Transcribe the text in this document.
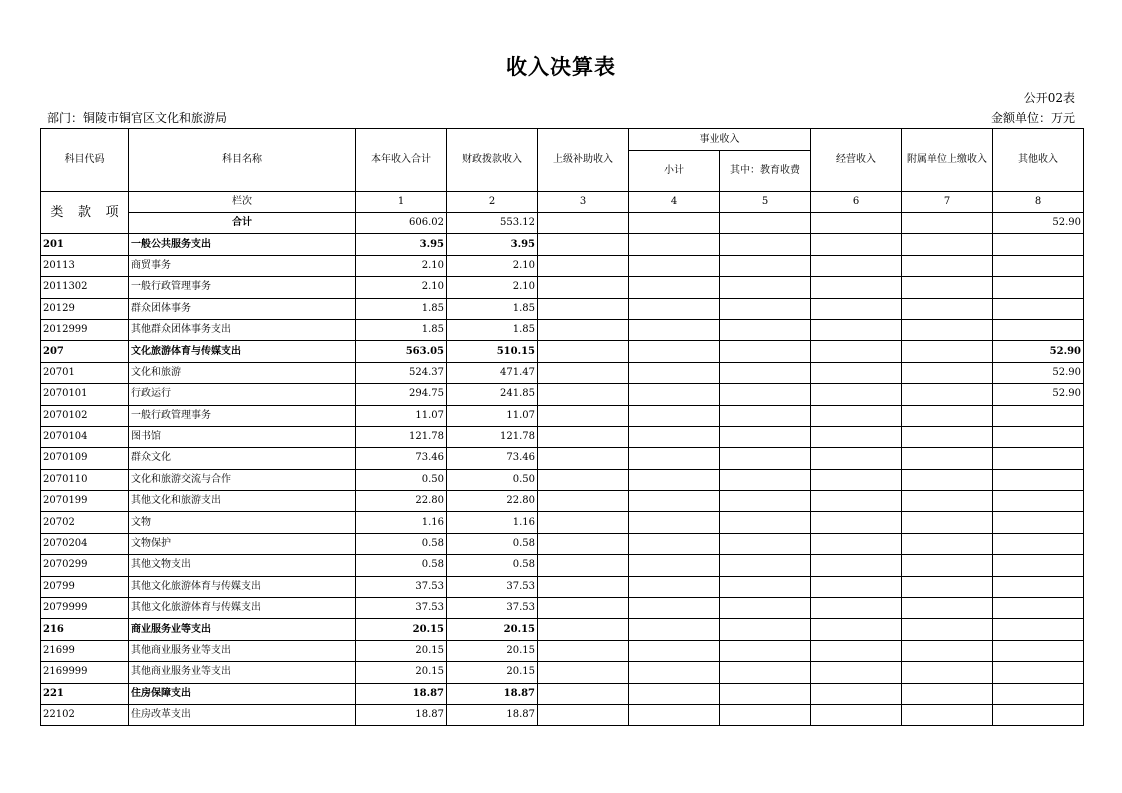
收入决算表
公开02表
部门：铜陵市铜官区文化和旅游局	金额单位：万元
科目代码	科目名称	本年收入合计	财政拨款收入	上级补助收入	事业收入		经营收入	附属单位上缴收入	其他收入
					小计	其中：教育收费			

类 款 项	栏次	1	2	3	4	5	6	7	8
	合计	606.02	553.12						52.90
201	一般公共服务支出	3.95	3.95						
20113	商贸事务	2.10	2.10						
2011302	一般行政管理事务	2.10	2.10						
20129	群众团体事务	1.85	1.85						
2012999	其他群众团体事务支出	1.85	1.85						
207	文化旅游体育与传媒支出	563.05	510.15						52.90
20701	文化和旅游	524.37	471.47						52.90
2070101	行政运行	294.75	241.85						52.90
2070102	一般行政管理事务	11.07	11.07						
2070104	图书馆	121.78	121.78						
2070109	群众文化	73.46	73.46						
2070110	文化和旅游交流与合作	0.50	0.50						
2070199	其他文化和旅游支出	22.80	22.80						
20702	文物	1.16	1.16						
2070204	文物保护	0.58	0.58						
2070299	其他文物支出	0.58	0.58						
20799	其他文化旅游体育与传媒支出	37.53	37.53						
2079999	其他文化旅游体育与传媒支出	37.53	37.53						
216	商业服务业等支出	20.15	20.15						
21699	其他商业服务业等支出	20.15	20.15						
2169999	其他商业服务业等支出	20.15	20.15						
221	住房保障支出	18.87	18.87						
22102	住房改革支出	18.87	18.87						
